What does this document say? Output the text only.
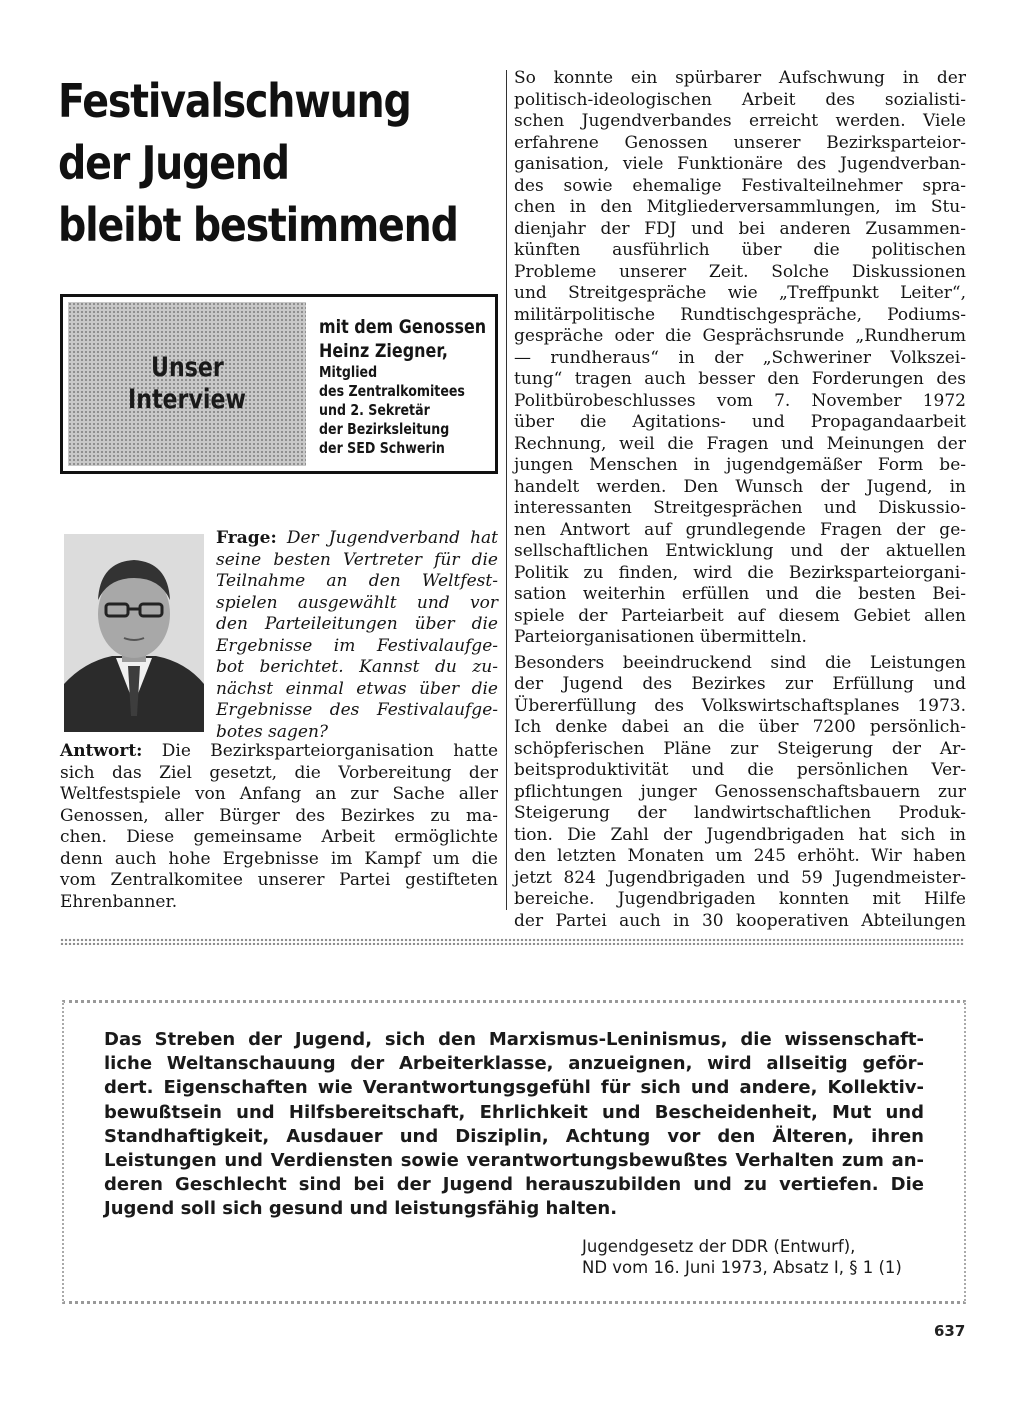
Festivalschwung
der Jugend
bleibt bestimmend
Unser
Interview
mit dem Genossen
Heinz Ziegner,
Mitglied
des Zentralkomitees
und 2. Sekretär
der Bezirksleitung
der SED Schwerin
Frage: Der Jugendverband hat
seine besten Vertreter für die
Teilnahme an den Weltfest-
spielen ausgewählt und vor
den Parteileitungen über die
Ergebnisse im Festivalaufge-
bot berichtet. Kannst du zu-
nächst einmal etwas über die
Ergebnisse des Festivalaufge-
botes sagen?
Antwort: Die Bezirksparteiorganisation hatte
sich das Ziel gesetzt, die Vorbereitung der
Weltfestspiele von Anfang an zur Sache aller
Genossen, aller Bürger des Bezirkes zu ma-
chen. Diese gemeinsame Arbeit ermöglichte
denn auch hohe Ergebnisse im Kampf um die
vom Zentralkomitee unserer Partei gestifteten
Ehrenbanner.
So konnte ein spürbarer Aufschwung in der
politisch-ideologischen Arbeit des sozialisti-
schen Jugendverbandes erreicht werden. Viele
erfahrene Genossen unserer Bezirksparteior-
ganisation, viele Funktionäre des Jugendverban-
des sowie ehemalige Festivalteilnehmer spra-
chen in den Mitgliederversammlungen, im Stu-
dienjahr der FDJ und bei anderen Zusammen-
künften ausführlich über die politischen
Probleme unserer Zeit. Solche Diskussionen
und Streitgespräche wie „Treffpunkt Leiter“,
militärpolitische Rundtischgespräche, Podiums-
gespräche oder die Gesprächsrunde „Rundherum
— rundheraus“ in der „Schweriner Volkszei-
tung“ tragen auch besser den Forderungen des
Politbürobeschlusses vom 7. November 1972
über die Agitations- und Propagandaarbeit
Rechnung, weil die Fragen und Meinungen der
jungen Menschen in jugendgemäßer Form be-
handelt werden. Den Wunsch der Jugend, in
interessanten Streitgesprächen und Diskussio-
nen Antwort auf grundlegende Fragen der ge-
sellschaftlichen Entwicklung und der aktuellen
Politik zu finden, wird die Bezirksparteiorgani-
sation weiterhin erfüllen und die besten Bei-
spiele der Parteiarbeit auf diesem Gebiet allen
Parteiorganisationen übermitteln.
Besonders beeindruckend sind die Leistungen
der Jugend des Bezirkes zur Erfüllung und
Übererfüllung des Volkswirtschaftsplanes 1973.
Ich denke dabei an die über 7200 persönlich-
schöpferischen Pläne zur Steigerung der Ar-
beitsproduktivität und die persönlichen Ver-
pflichtungen junger Genossenschaftsbauern zur
Steigerung der landwirtschaftlichen Produk-
tion. Die Zahl der Jugendbrigaden hat sich in
den letzten Monaten um 245 erhöht. Wir haben
jetzt 824 Jugendbrigaden und 59 Jugendmeister-
bereiche. Jugendbrigaden konnten mit Hilfe
der Partei auch in 30 kooperativen Abteilungen
Das Streben der Jugend, sich den Marxismus-Leninismus, die wissenschaft-
liche Weltanschauung der Arbeiterklasse, anzueignen, wird allseitig geför-
dert. Eigenschaften wie Verantwortungsgefühl für sich und andere, Kollektiv-
bewußtsein und Hilfsbereitschaft, Ehrlichkeit und Bescheidenheit, Mut und
Standhaftigkeit, Ausdauer und Disziplin, Achtung vor den Älteren, ihren
Leistungen und Verdiensten sowie verantwortungsbewußtes Verhalten zum an-
deren Geschlecht sind bei der Jugend herauszubilden und zu vertiefen. Die
Jugend soll sich gesund und leistungsfähig halten.
Jugendgesetz der DDR (Entwurf),
ND vom 16. Juni 1973, Absatz I, § 1 (1)
637
